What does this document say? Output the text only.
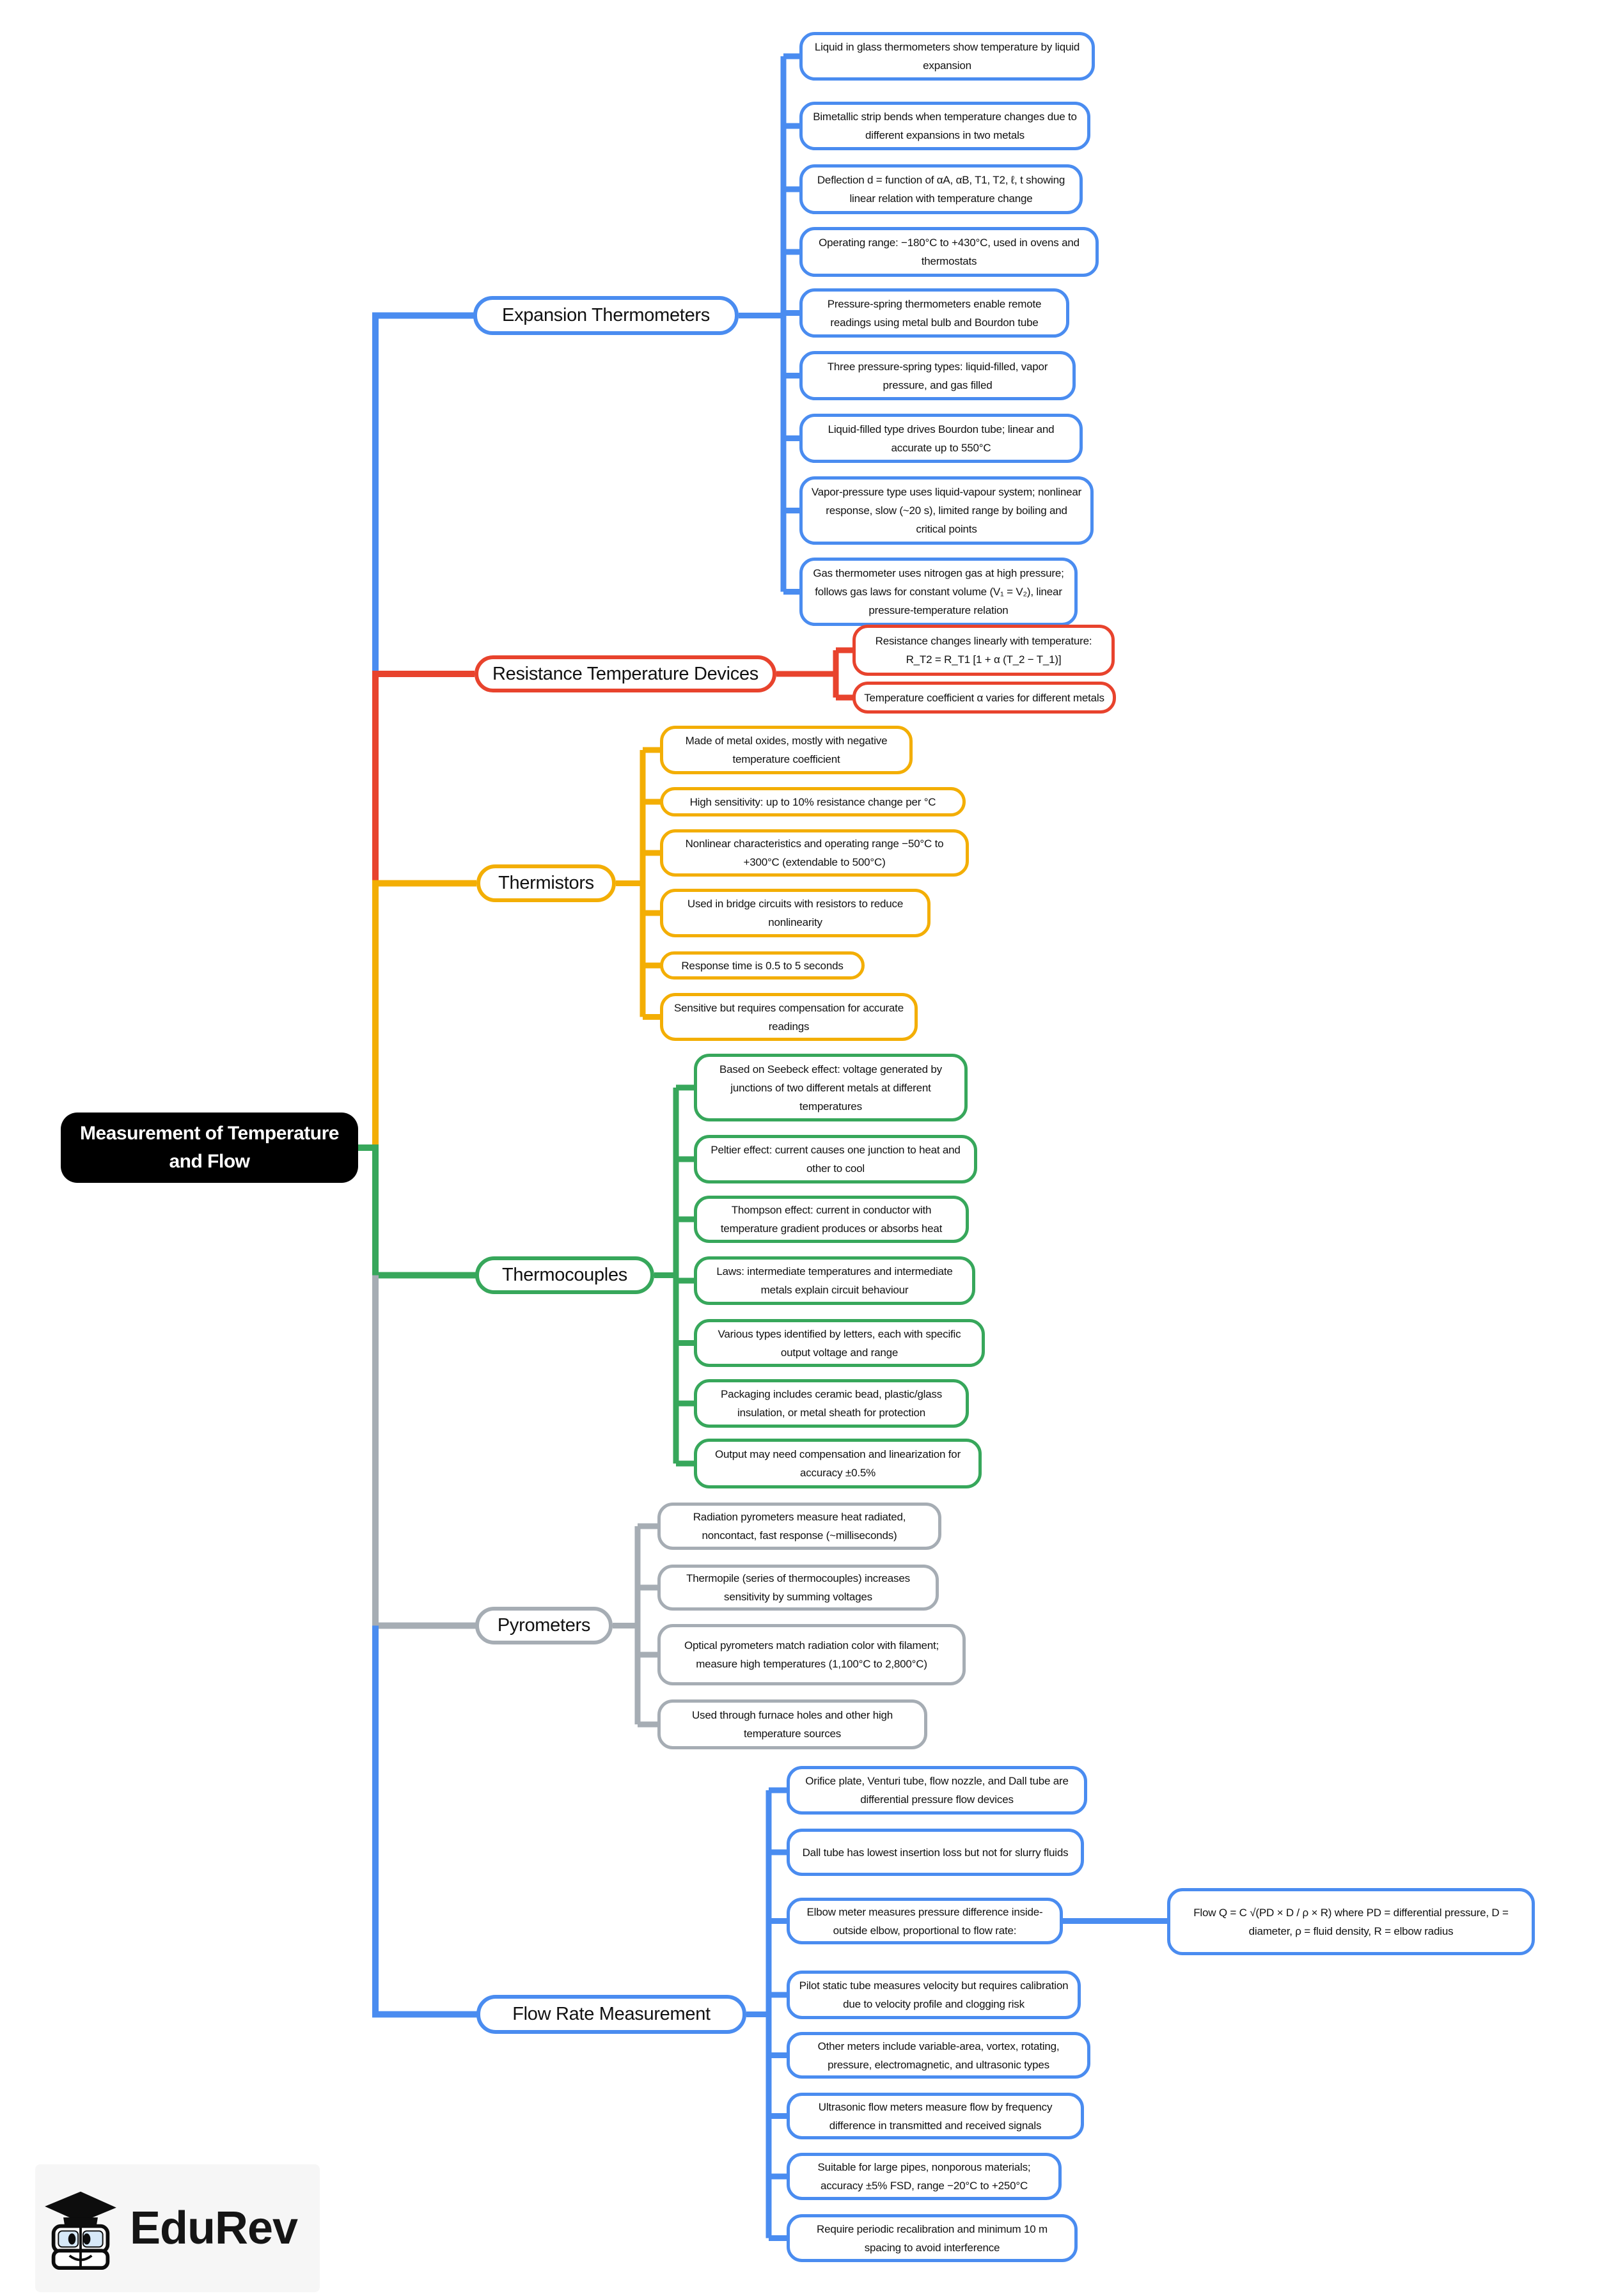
Measurement of Temperature and Flow
Expansion Thermometers
Resistance Temperature Devices
Thermistors
Thermocouples
Pyrometers
Flow Rate Measurement
Liquid in glass thermometers show temperature by liquid expansion
Bimetallic strip bends when temperature changes due to different expansions in two metals
Deflection d = function of αA, αB, T1, T2, ℓ, t showing linear relation with temperature change
Operating range: −180°C to +430°C, used in ovens and thermostats
Pressure-spring thermometers enable remote readings using metal bulb and Bourdon tube
Three pressure-spring types: liquid-filled, vapor pressure, and gas filled
Liquid-filled type drives Bourdon tube; linear and accurate up to 550°C
Vapor-pressure type uses liquid-vapour system; nonlinear response, slow (~20 s), limited range by boiling and critical points
Gas thermometer uses nitrogen gas at high pressure; follows gas laws for constant volume (V₁ = V₂), linear pressure-temperature relation
Resistance changes linearly with temperature: R_T2 = R_T1 [1 + α (T_2 − T_1)]
Temperature coefficient α varies for different metals
Made of metal oxides, mostly with negative temperature coefficient
High sensitivity: up to 10% resistance change per °C
Nonlinear characteristics and operating range −50°C to +300°C (extendable to 500°C)
Used in bridge circuits with resistors to reduce nonlinearity
Response time is 0.5 to 5 seconds
Sensitive but requires compensation for accurate readings
Based on Seebeck effect: voltage generated by junctions of two different metals at different temperatures
Peltier effect: current causes one junction to heat and other to cool
Thompson effect: current in conductor with temperature gradient produces or absorbs heat
Laws: intermediate temperatures and intermediate metals explain circuit behaviour
Various types identified by letters, each with specific output voltage and range
Packaging includes ceramic bead, plastic/glass insulation, or metal sheath for protection
Output may need compensation and linearization for accuracy ±0.5%
Radiation pyrometers measure heat radiated, noncontact, fast response (~milliseconds)
Thermopile (series of thermocouples) increases sensitivity by summing voltages
Optical pyrometers match radiation color with filament; measure high temperatures (1,100°C to 2,800°C)
Used through furnace holes and other high temperature sources
Orifice plate, Venturi tube, flow nozzle, and Dall tube are differential pressure flow devices
Dall tube has lowest insertion loss but not for slurry fluids
Elbow meter measures pressure difference inside-outside elbow, proportional to flow rate:
Pilot static tube measures velocity but requires calibration due to velocity profile and clogging risk
Other meters include variable-area, vortex, rotating, pressure, electromagnetic, and ultrasonic types
Ultrasonic flow meters measure flow by frequency difference in transmitted and received signals
Suitable for large pipes, nonporous materials; accuracy ±5% FSD, range −20°C to +250°C
Require periodic recalibration and minimum 10 m spacing to avoid interference
Flow Q = C √(PD × D / ρ × R) where PD = differential pressure, D = diameter, ρ = fluid density, R = elbow radius
EduRev
